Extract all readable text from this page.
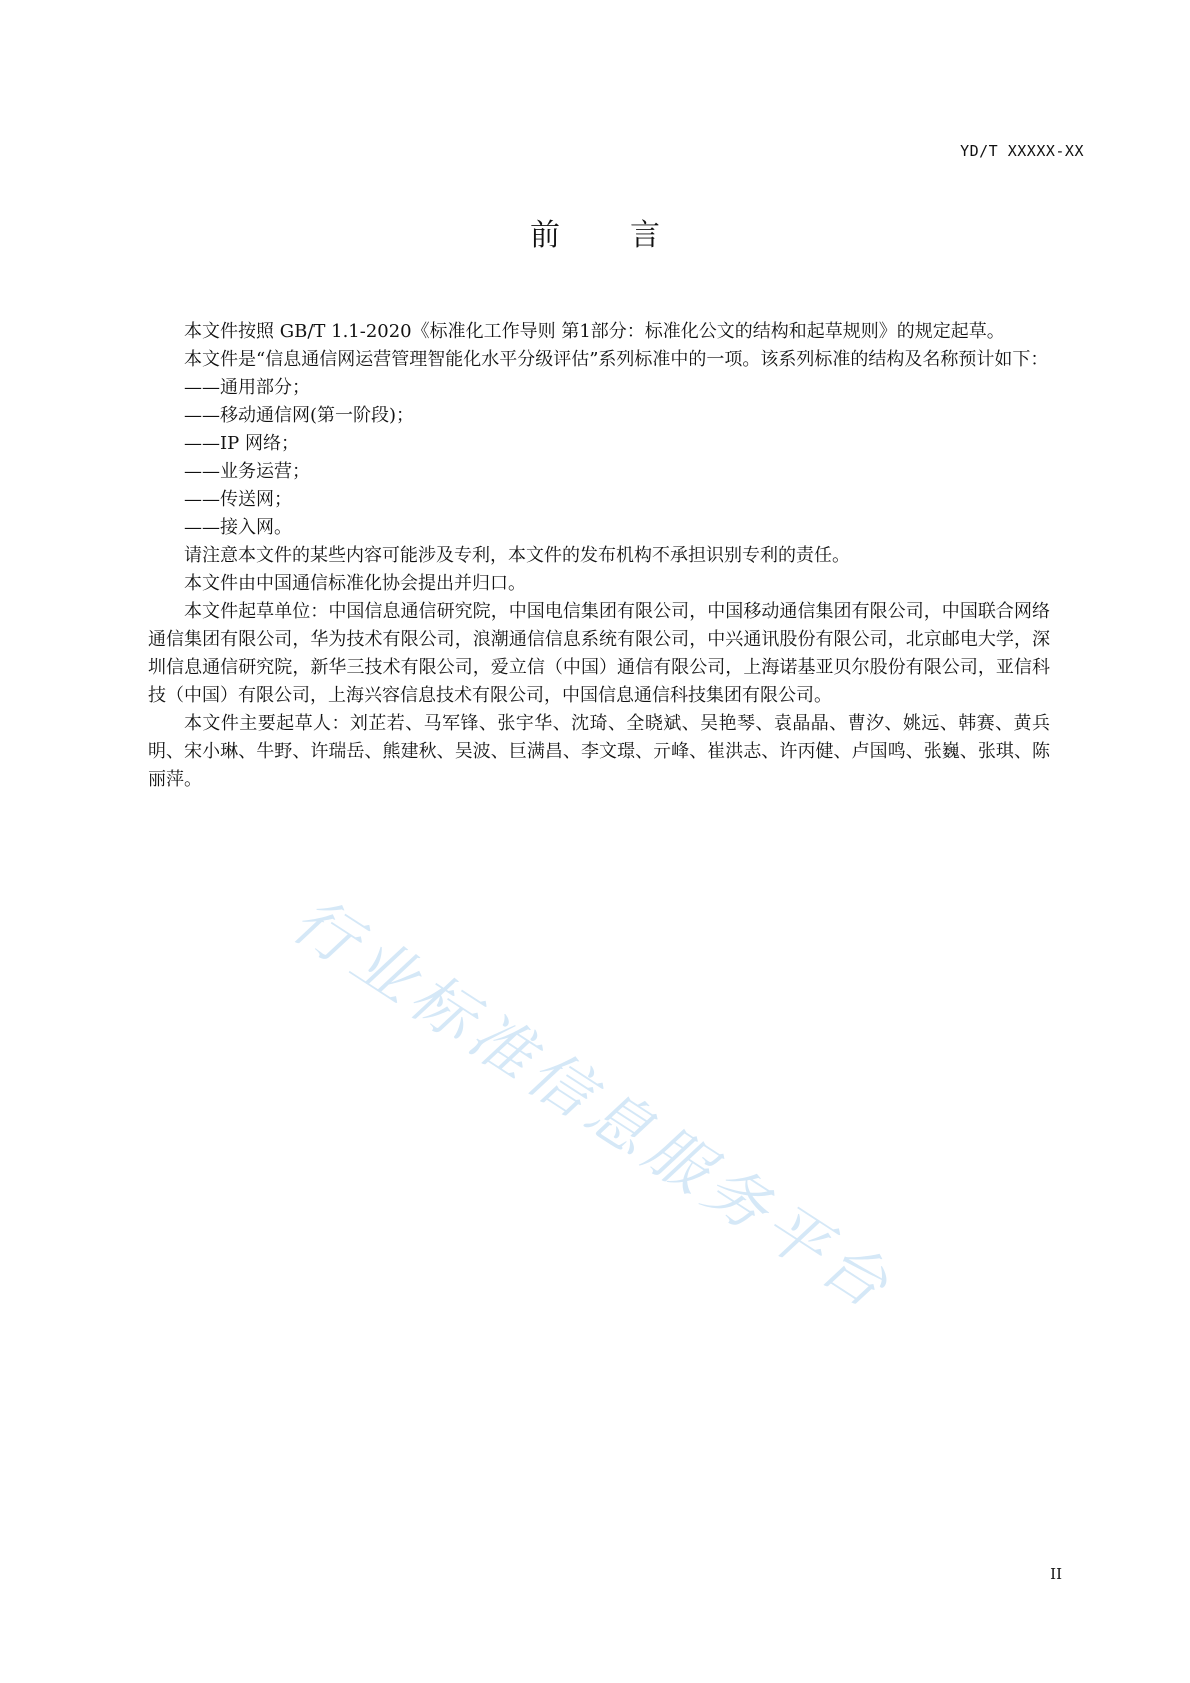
YD/T XXXXX-XX
前言

本文件按照 GB/T 1.1-2020《标准化工作导则 第1部分：标准化公文的结构和起草规则》的规定起草。

本文件是“信息通信网运营管理智能化水平分级评估”系列标准中的一项。该系列标准的结构及名称预计如下：

——通用部分；

——移动通信网(第一阶段)；

——IP 网络；

——业务运营；

——传送网；

——接入网。

请注意本文件的某些内容可能涉及专利，本文件的发布机构不承担识别专利的责任。

本文件由中国通信标准化协会提出并归口。

本文件起草单位：中国信息通信研究院，中国电信集团有限公司，中国移动通信集团有限公司，中国联合网络通信集团有限公司，华为技术有限公司，浪潮通信信息系统有限公司，中兴通讯股份有限公司，北京邮电大学，深圳信息通信研究院，新华三技术有限公司，爱立信（中国）通信有限公司，上海诺基亚贝尔股份有限公司，亚信科技（中国）有限公司，上海兴容信息技术有限公司，中国信息通信科技集团有限公司。

本文件主要起草人：刘芷若、马军锋、张宇华、沈琦、全晓斌、吴艳琴、袁晶晶、曹汐、姚远、韩赛、黄兵明、宋小琳、牛野、许瑞岳、熊建秋、吴波、巨满昌、李文璟、亓峰、崔洪志、许丙健、卢国鸣、张巍、张琪、陈丽萍。

行业标准信息服务平台
II
